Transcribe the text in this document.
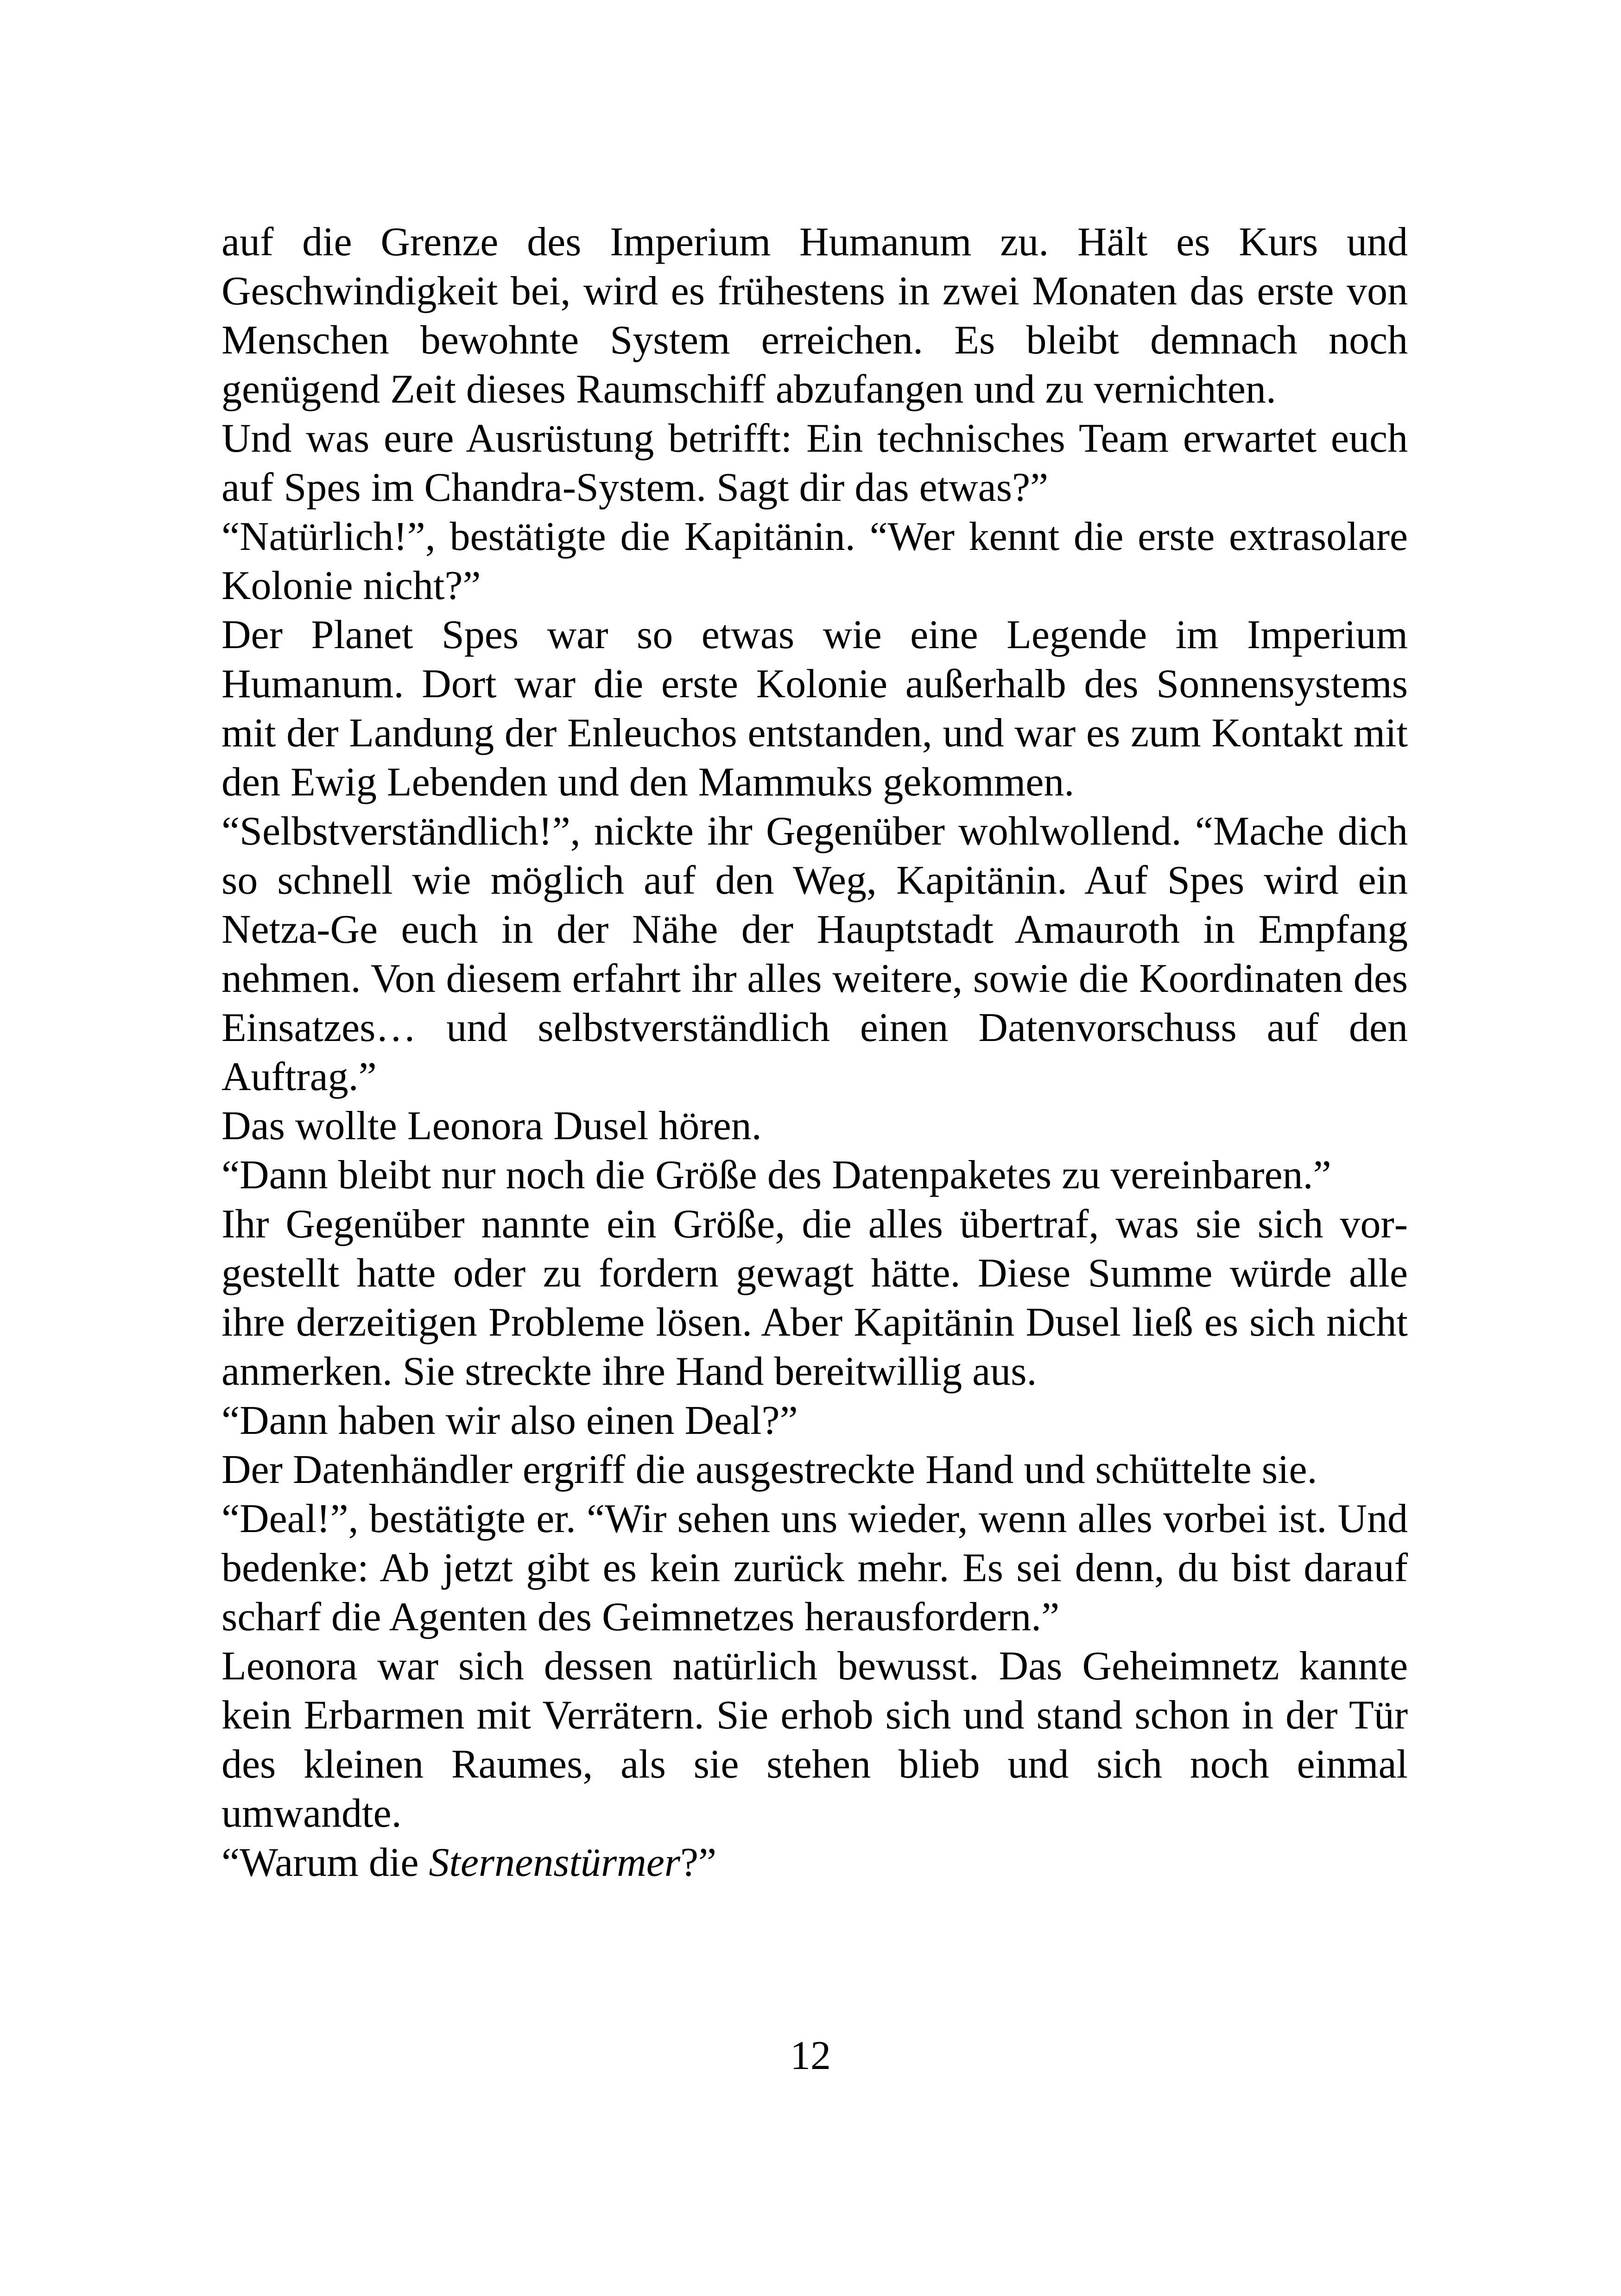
auf die Grenze des Imperium Humanum zu. Hält es Kurs und Geschwindigkeit bei, wird es frühestens in zwei Monaten das erste von Menschen bewohnte System erreichen. Es bleibt demnach noch genügend Zeit dieses Raumschiff abzufangen und zu vernichten.

Und was eure Ausrüstung betrifft: Ein technisches Team erwartet euch auf Spes im Chandra-System. Sagt dir das etwas?”

“Natürlich!”, bestätigte die Kapitänin. “Wer kennt die erste extrasolare Kolonie nicht?”

Der Planet Spes war so etwas wie eine Legende im Imperium Humanum. Dort war die erste Kolonie außerhalb des Sonnensystems mit der Landung der Enleuchos entstanden, und war es zum Kontakt mit den Ewig Lebenden und den Mammuks gekommen.

“Selbstverständlich!”, nickte ihr Gegenüber wohlwollend. “Mache dich so schnell wie möglich auf den Weg, Kapitänin. Auf Spes wird ein Netza-Ge euch in der Nähe der Hauptstadt Amauroth in Empfang nehmen. Von diesem erfahrt ihr alles weitere, sowie die Koordinaten des Einsatzes… und selbstverständlich einen Datenvorschuss auf den Auftrag.”

Das wollte Leonora Dusel hören.

“Dann bleibt nur noch die Größe des Datenpaketes zu vereinbaren.”

Ihr Gegenüber nannte ein Größe, die alles übertraf, was sie sich vorgestellt hatte oder zu fordern gewagt hätte. Diese Summe würde alle ihre derzeitigen Probleme lösen. Aber Kapitänin Dusel ließ es sich nicht anmerken. Sie streckte ihre Hand bereitwillig aus.

“Dann haben wir also einen Deal?”

Der Datenhändler ergriff die ausgestreckte Hand und schüttelte sie.

“Deal!”, bestätigte er. “Wir sehen uns wieder, wenn alles vorbei ist. Und bedenke: Ab jetzt gibt es kein zurück mehr. Es sei denn, du bist darauf scharf die Agenten des Geimnetzes herausfordern.”

Leonora war sich dessen natürlich bewusst. Das Geheimnetz kannte kein Erbarmen mit Verrätern. Sie erhob sich und stand schon in der Tür des kleinen Raumes, als sie stehen blieb und sich noch einmal umwandte.

“Warum die Sternenstürmer?”

12
